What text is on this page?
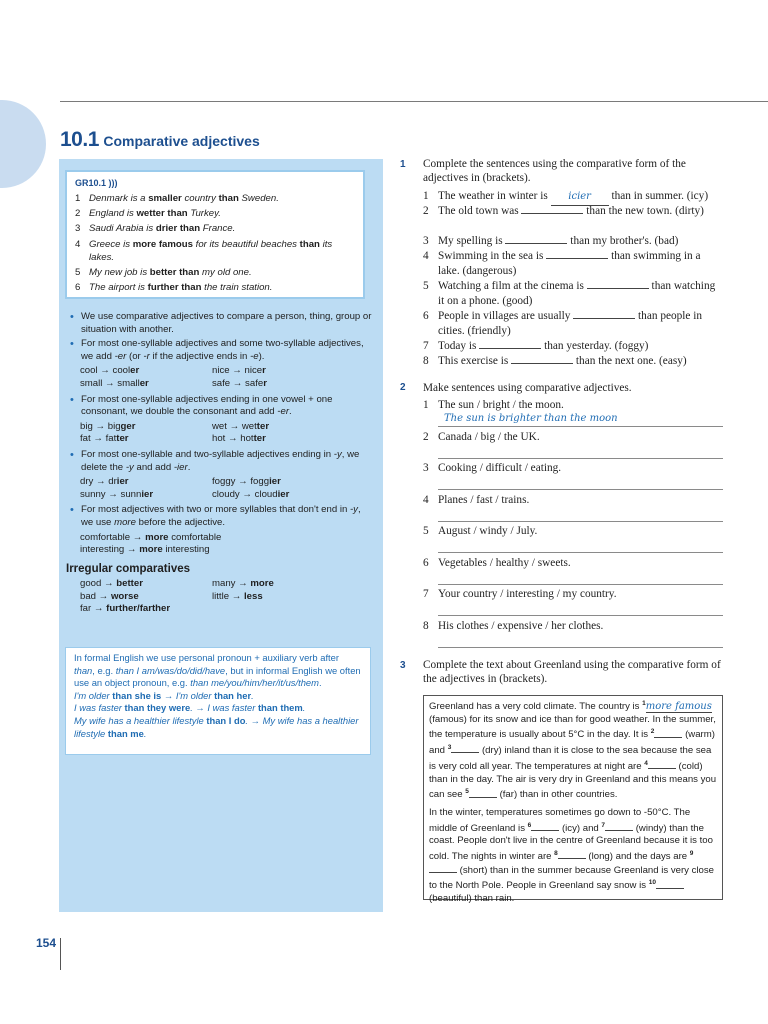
10.1 Comparative adjectives
GR10.1 )))
1 Denmark is a smaller country than Sweden.
2 England is wetter than Turkey.
3 Saudi Arabia is drier than France.
4 Greece is more famous for its beautiful beaches than its lakes.
5 My new job is better than my old one.
6 The airport is further than the train station.
• We use comparative adjectives to compare a person, thing, group or situation with another.
• For most one-syllable adjectives and some two-syllable adjectives, we add -er (or -r if the adjective ends in -e).
cool → cooler	nice → nicer
small → smaller	safe → safer
• For most one-syllable adjectives ending in one vowel + one consonant, we double the consonant and add -er.
big → bigger	wet → wetter
fat → fatter	hot → hotter
• For most one-syllable and two-syllable adjectives ending in -y, we delete the -y and add -ier.
dry → drier	foggy → foggier
sunny → sunnier	cloudy → cloudier
• For most adjectives with two or more syllables that don't end in -y, we use more before the adjective.
comfortable → more comfortable
interesting → more interesting
Irregular comparatives
good → better	many → more
bad → worse	little → less
far → further/farther
In formal English we use personal pronoun + auxiliary verb after than, e.g. than I am/was/do/did/have, but in informal English we often use an object pronoun, e.g. than me/you/him/her/it/us/them.
I'm older than she is → I'm older than her.
I was faster than they were. → I was faster than them.
My wife has a healthier lifestyle than I do. → My wife has a healthier lifestyle than me.
1 Complete the sentences using the comparative form of the adjectives in (brackets).
1 The weather in winter is icier than in summer. (icy)
2 The old town was	than the new town. (dirty)
3 My spelling is	than my brother's. (bad)
4 Swimming in the sea is	than swimming in a lake. (dangerous)
5 Watching a film at the cinema is	than watching it on a phone. (good)
6 People in villages are usually	than people in cities. (friendly)
7 Today is	than yesterday. (foggy)
8 This exercise is	than the next one. (easy)
2 Make sentences using comparative adjectives.
1 The sun / bright / the moon.
The sun is brighter than the moon
2 Canada / big / the UK.
3 Cooking / difficult / eating.
4 Planes / fast / trains.
5 August / windy / July.
6 Vegetables / healthy / sweets.
7 Your country / interesting / my country.
8 His clothes / expensive / her clothes.
3 Complete the text about Greenland using the comparative form of the adjectives in (brackets).

Greenland has a very cold climate. The country is $^1$more famous (famous) for its snow and ice than for good weather. In the summer, the temperature is usually about 5°C in the day. It is $^2$	(warm) and $^3$	(dry) inland than it is close to the sea because the sea is very cold all year. The temperatures at night are $^4$	(cold) than in the day. The air is very dry in Greenland and this means you can see $^5$	(far) than in other countries.

In the winter, temperatures sometimes go down to -50°C. The middle of Greenland is $^6$	(icy) and $^7$	(windy) than the coast. People don't live in the centre of Greenland because it is too cold. The nights in winter are $^8$	(long) and the days are $^9$ (short) than in the summer because Greenland is very close to the North Pole. People in Greenland say snow is $^{10}$ (beautiful) than rain.

154
